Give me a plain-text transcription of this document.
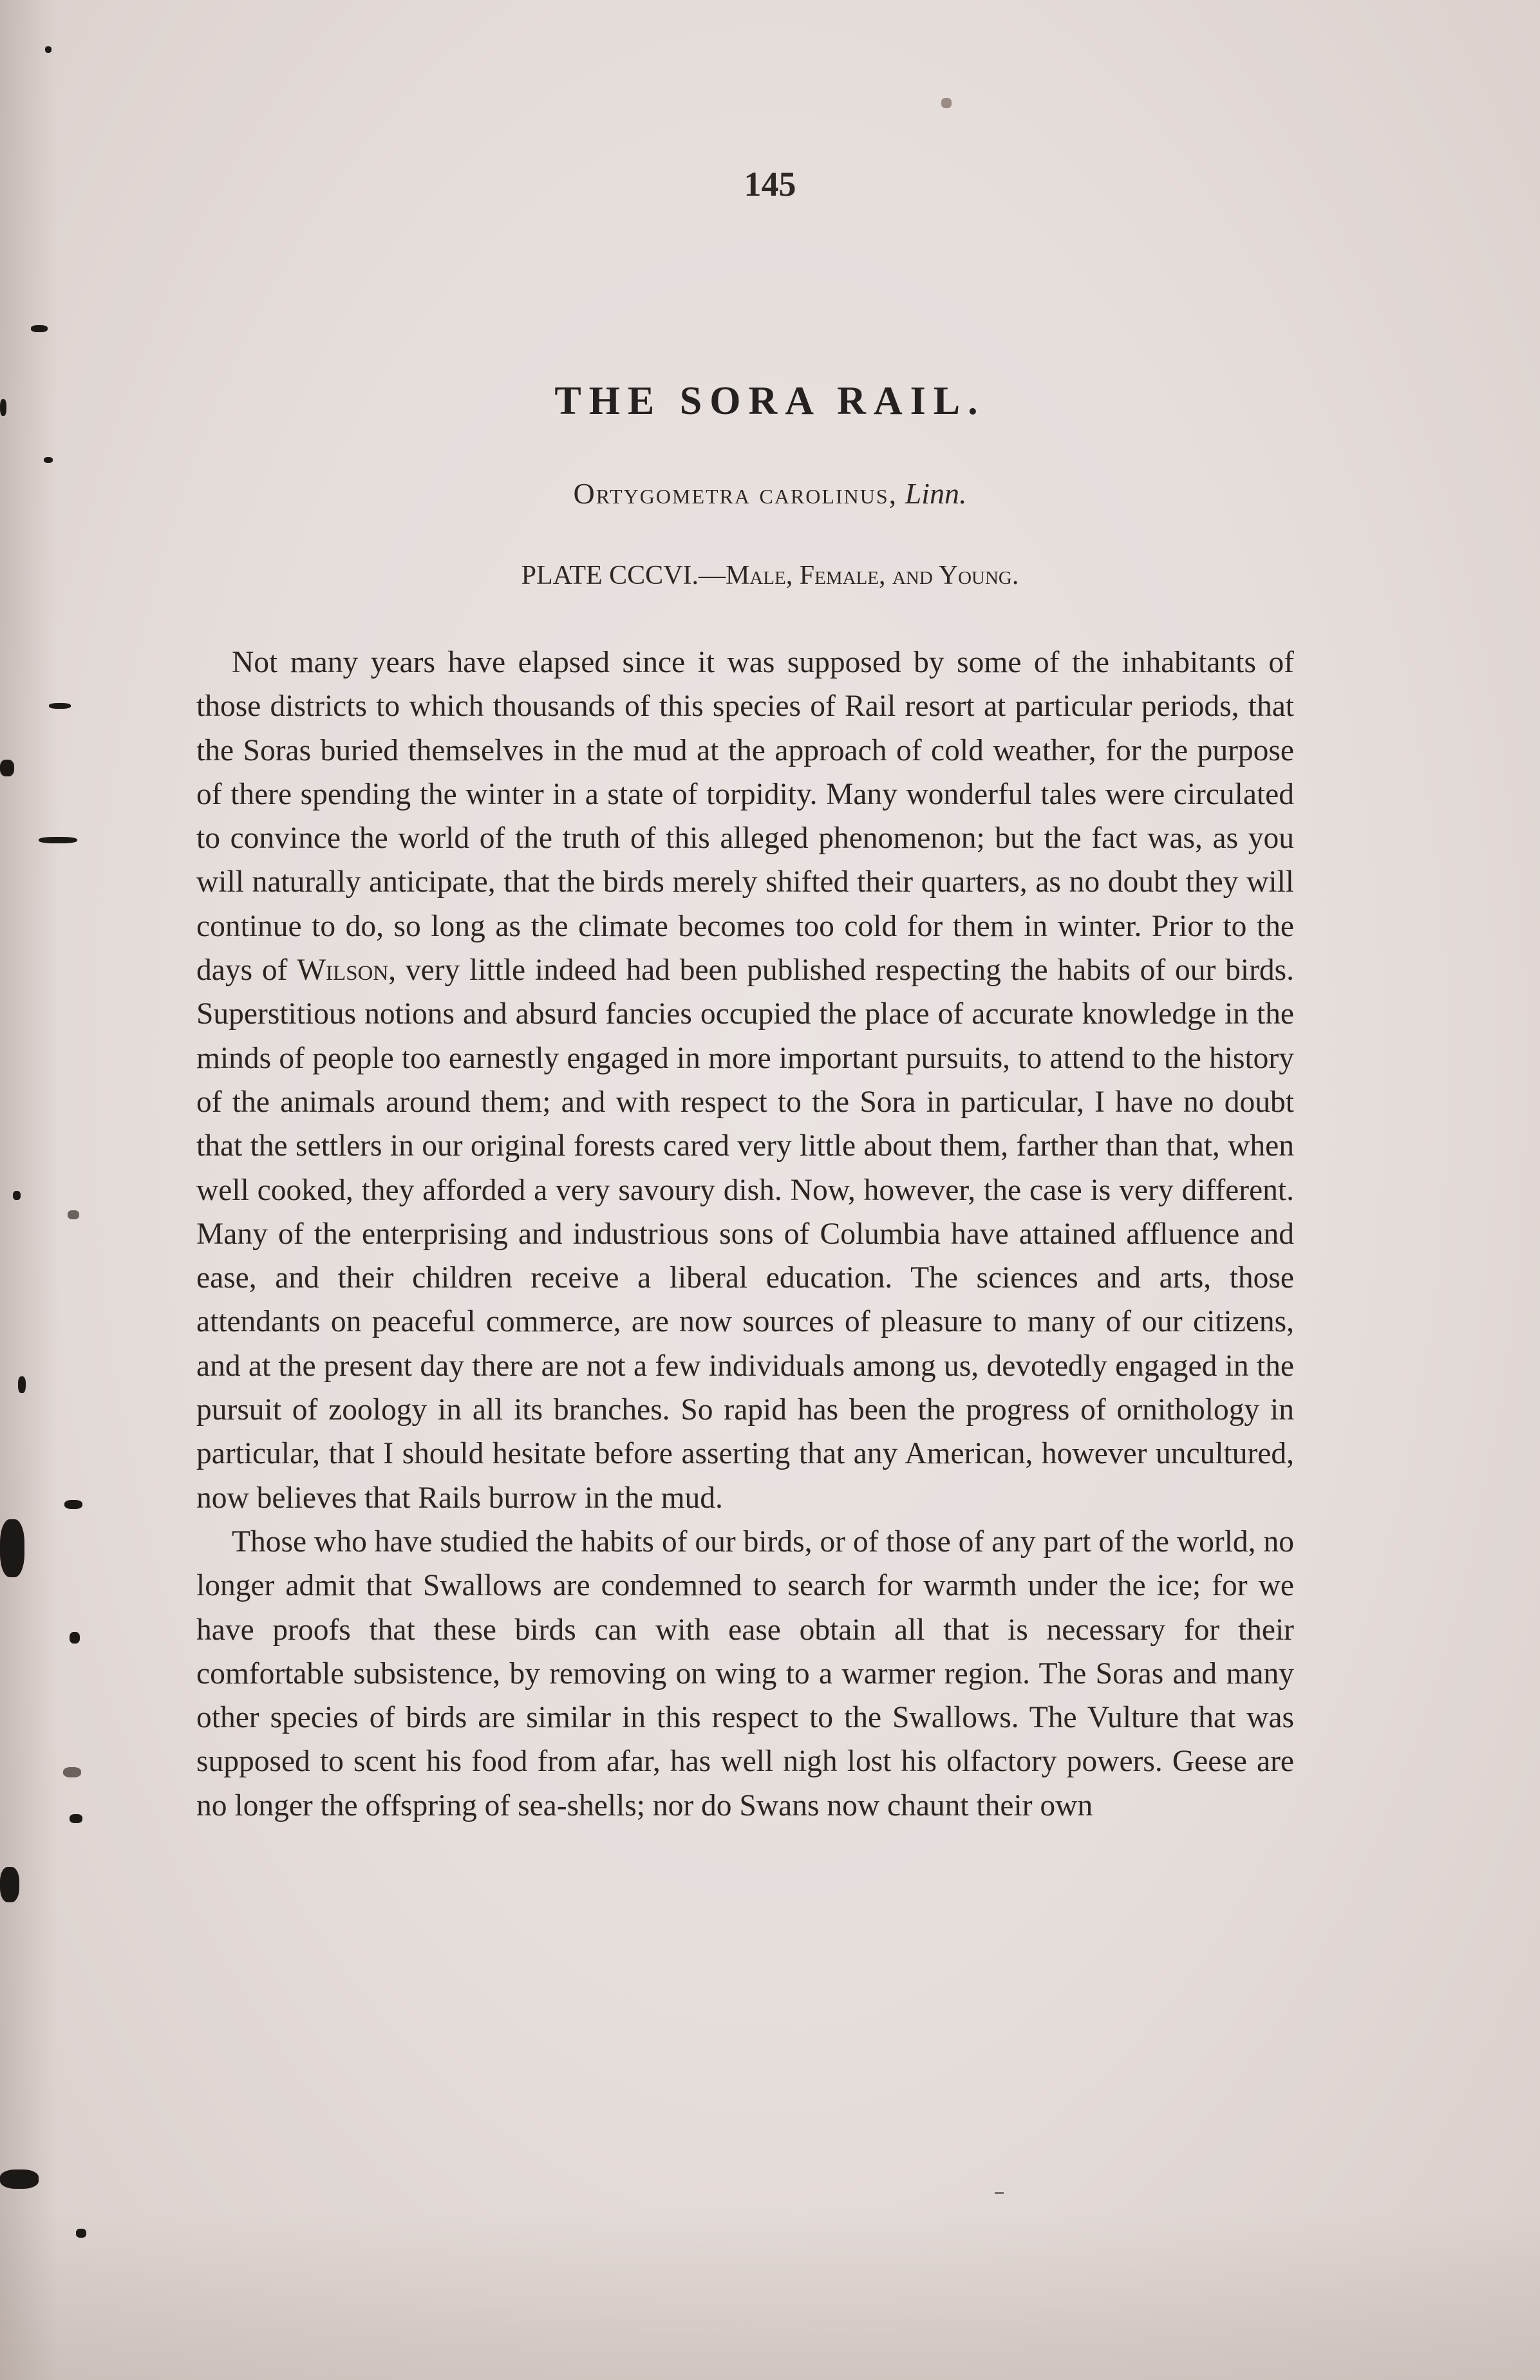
145
THE SORA RAIL.
Ortygometra carolinus, Linn.
PLATE CCCVI.—Male, Female, and Young.

Not many years have elapsed since it was supposed by some of the inhabitants of those districts to which thousands of this species of Rail resort at particular periods, that the Soras buried themselves in the mud at the approach of cold weather, for the purpose of there spending the winter in a state of torpidity. Many wonderful tales were circulated to convince the world of the truth of this alleged phenomenon; but the fact was, as you will naturally anticipate, that the birds merely shifted their quarters, as no doubt they will continue to do, so long as the climate becomes too cold for them in winter. Prior to the days of Wilson, very little indeed had been published respecting the habits of our birds. Superstitious notions and absurd fancies occupied the place of accurate knowledge in the minds of people too earnestly engaged in more important pursuits, to attend to the history of the animals around them; and with respect to the Sora in particular, I have no doubt that the settlers in our original forests cared very little about them, farther than that, when well cooked, they afforded a very savoury dish. Now, however, the case is very different. Many of the enterprising and industrious sons of Columbia have attained affluence and ease, and their children receive a liberal education. The sciences and arts, those attendants on peaceful commerce, are now sources of pleasure to many of our citizens, and at the present day there are not a few individuals among us, devotedly engaged in the pursuit of zoology in all its branches. So rapid has been the progress of ornithology in particular, that I should hesitate before asserting that any American, however uncultured, now believes that Rails burrow in the mud.

Those who have studied the habits of our birds, or of those of any part of the world, no longer admit that Swallows are condemned to search for warmth under the ice; for we have proofs that these birds can with ease obtain all that is necessary for their comfortable subsistence, by removing on wing to a warmer region. The Soras and many other species of birds are similar in this respect to the Swallows. The Vulture that was supposed to scent his food from afar, has well nigh lost his olfactory powers. Geese are no longer the offspring of sea-shells; nor do Swans now chaunt their own
